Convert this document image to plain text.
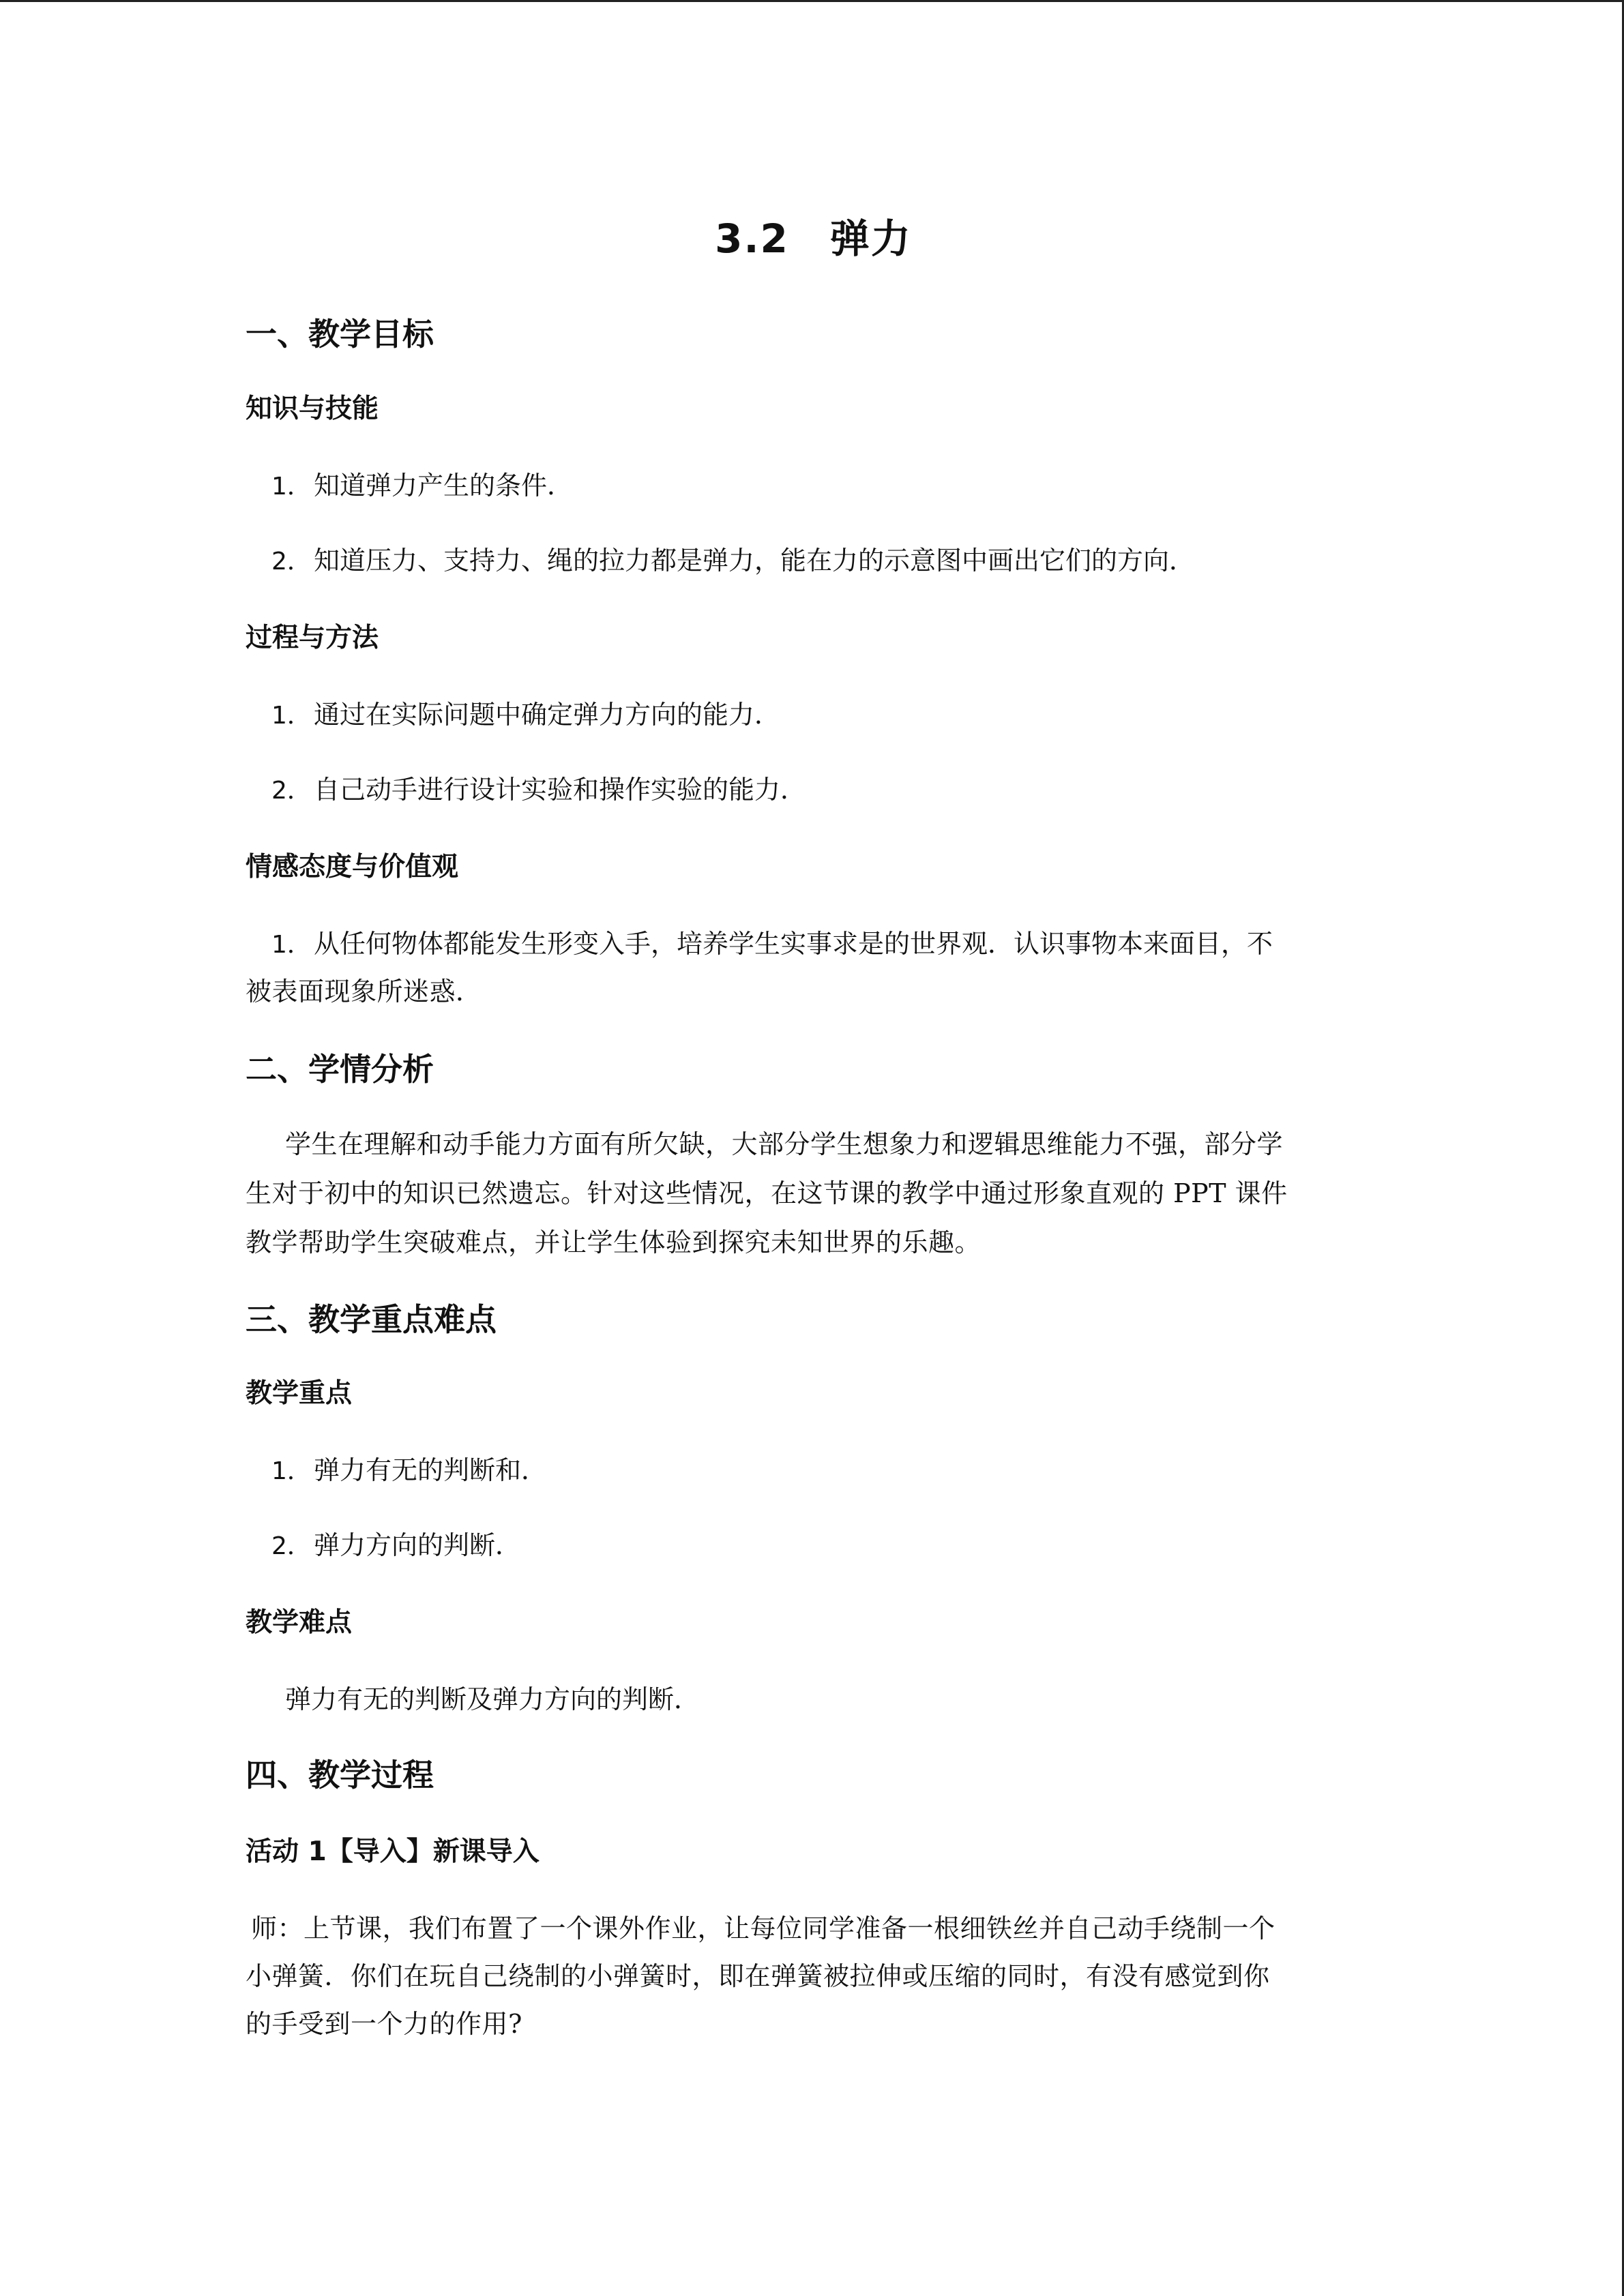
3.2 弹力
一、教学目标
知识与技能
1．知道弹力产生的条件．
2．知道压力、支持力、绳的拉力都是弹力，能在力的示意图中画出它们的方向．
过程与方法
1．通过在实际问题中确定弹力方向的能力．
2．自己动手进行设计实验和操作实验的能力．
情感态度与价值观
1．从任何物体都能发生形变入手，培养学生实事求是的世界观．认识事物本来面目，不
被表面现象所迷惑．
二、学情分析
学生在理解和动手能力方面有所欠缺，大部分学生想象力和逻辑思维能力不强，部分学
生对于初中的知识已然遗忘。针对这些情况，在这节课的教学中通过形象直观的 PPT 课件
教学帮助学生突破难点，并让学生体验到探究未知世界的乐趣。
三、教学重点难点
教学重点
1．弹力有无的判断和．
2．弹力方向的判断．
教学难点
弹力有无的判断及弹力方向的判断．
四、教学过程
活动 1【导入】新课导入
师：上节课，我们布置了一个课外作业，让每位同学准备一根细铁丝并自己动手绕制一个
小弹簧．你们在玩自己绕制的小弹簧时，即在弹簧被拉伸或压缩的同时，有没有感觉到你
的手受到一个力的作用?
